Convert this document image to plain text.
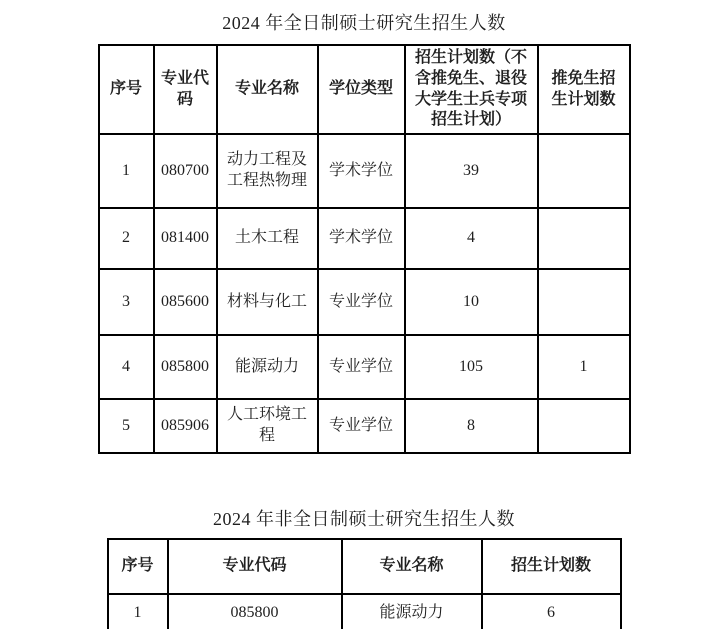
2024 年全日制硕士研究生招生人数
序号	专业代码	专业名称	学位类型	招生计划数（不含推免生、退役大学生士兵专项招生计划）	推免生招生计划数
1	080700	动力工程及工程热物理	学术学位	39	
2	081400	土木工程	学术学位	4	
3	085600	材料与化工	专业学位	10	
4	085800	能源动力	专业学位	105	1
5	085906	人工环境工程	专业学位	8	
2024 年非全日制硕士研究生招生人数
序号	专业代码	专业名称	招生计划数
1	085800	能源动力	6
